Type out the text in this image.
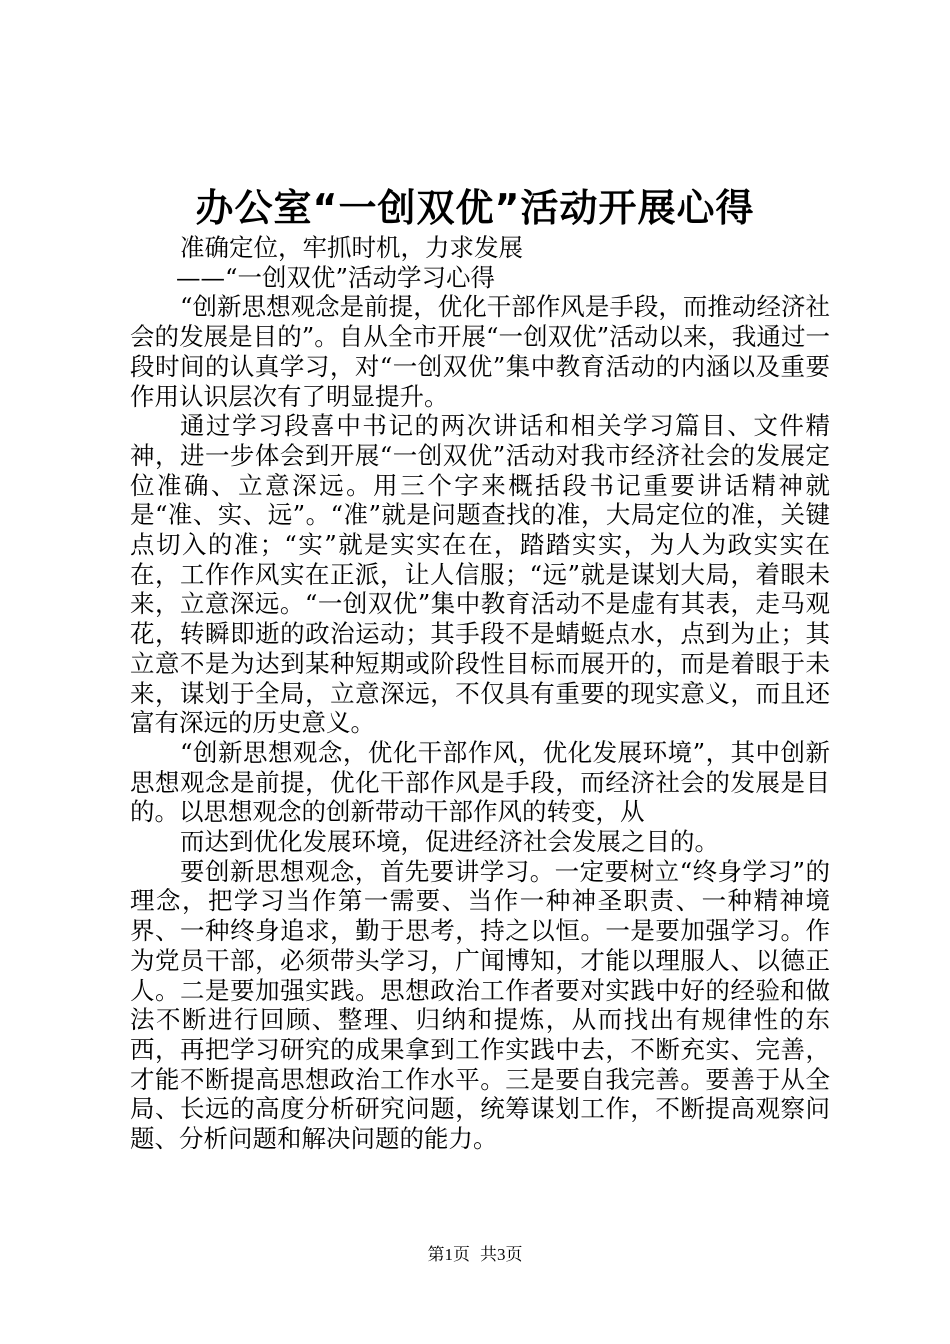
办公室“一创双优”活动开展心得

准确定位，牢抓时机，力求发展

——“一创双优”活动学习心得

“创新思想观念是前提，优化干部作风是手段，而推动经济社会的发展是目的”。自从全市开展“一创双优”活动以来，我通过一段时间的认真学习，对“一创双优”集中教育活动的内涵以及重要作用认识层次有了明显提升。

通过学习段喜中书记的两次讲话和相关学习篇目、文件精神，进一步体会到开展“一创双优”活动对我市经济社会的发展定位准确、立意深远。用三个字来概括段书记重要讲话精神就是“准、实、远”。“准”就是问题查找的准，大局定位的准，关键点切入的准；“实”就是实实在在，踏踏实实，为人为政实实在在，工作作风实在正派，让人信服；“远”就是谋划大局，着眼未来，立意深远。“一创双优”集中教育活动不是虚有其表，走马观花，转瞬即逝的政治运动；其手段不是蜻蜓点水，点到为止；其立意不是为达到某种短期或阶段性目标而展开的，而是着眼于未来，谋划于全局，立意深远，不仅具有重要的现实意义，而且还富有深远的历史意义。

“创新思想观念，优化干部作风，优化发展环境”，其中创新思想观念是前提，优化干部作风是手段，而经济社会的发展是目的。以思想观念的创新带动干部作风的转变，从

而达到优化发展环境，促进经济社会发展之目的。

要创新思想观念，首先要讲学习。一定要树立“终身学习”的理念，把学习当作第一需要、当作一种神圣职责、一种精神境界、一种终身追求，勤于思考，持之以恒。一是要加强学习。作为党员干部，必须带头学习，广闻博知，才能以理服人、以德正人。二是要加强实践。思想政治工作者要对实践中好的经验和做法不断进行回顾、整理、归纳和提炼，从而找出有规律性的东西，再把学习研究的成果拿到工作实践中去，不断充实、完善，才能不断提高思想政治工作水平。三是要自我完善。要善于从全局、长远的高度分析研究问题，统筹谋划工作，不断提高观察问题、分析问题和解决问题的能力。

第1页 共3页
